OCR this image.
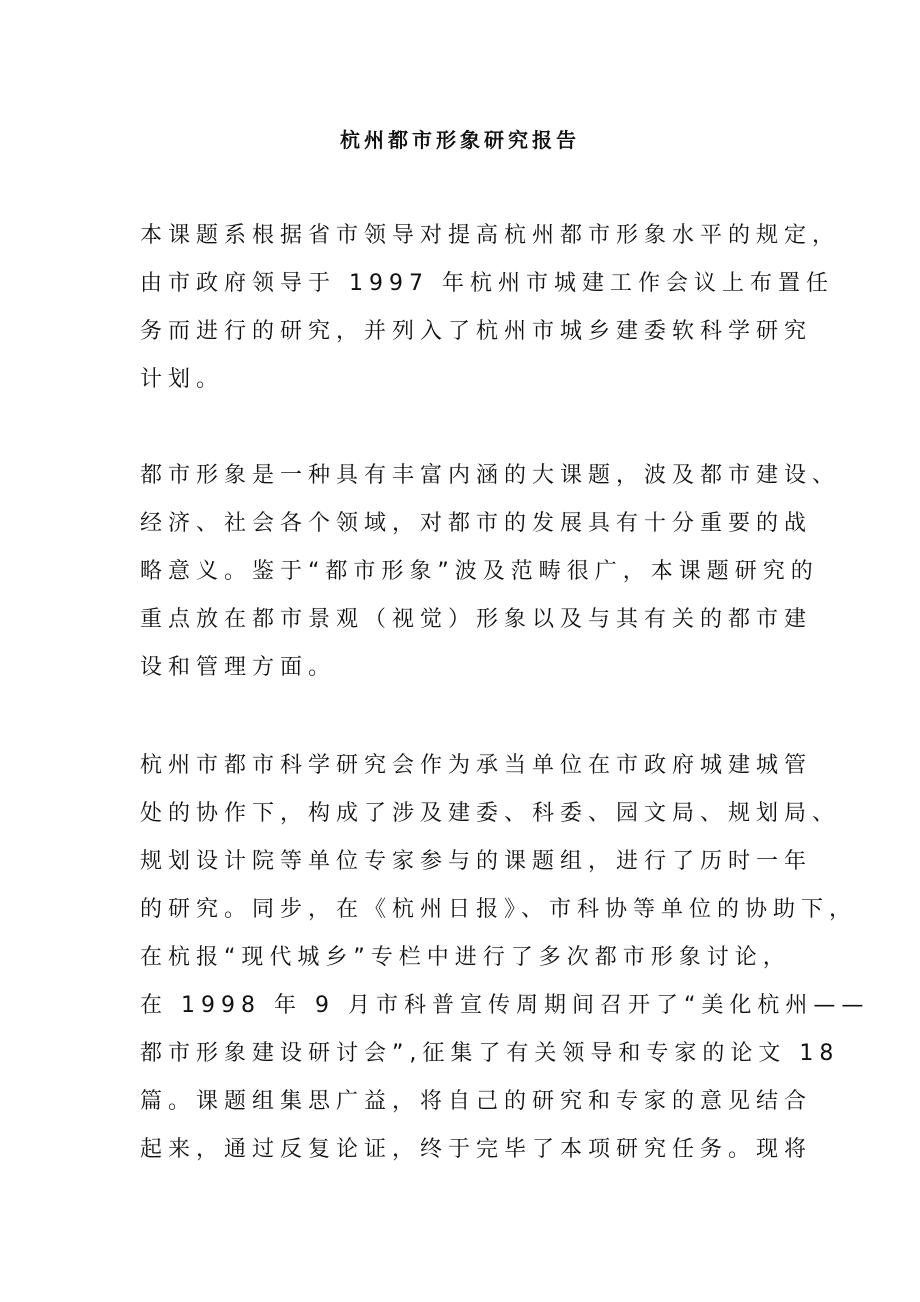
杭州都市形象研究报告
本课题系根据省市领导对提高杭州都市形象水平的规定，
由市政府领导于 1997 年杭州市城建工作会议上布置任
务而进行的研究，并列入了杭州市城乡建委软科学研究
计划。
都市形象是一种具有丰富内涵的大课题，波及都市建设、
经济、社会各个领域，对都市的发展具有十分重要的战
略意义。鉴于“都市形象”波及范畴很广，本课题研究的
重点放在都市景观（视觉）形象以及与其有关的都市建
设和管理方面。
杭州市都市科学研究会作为承当单位在市政府城建城管
处的协作下，构成了涉及建委、科委、园文局、规划局、
规划设计院等单位专家参与的课题组，进行了历时一年
的研究。同步，在《杭州日报》、市科协等单位的协助下，
在杭报“现代城乡”专栏中进行了多次都市形象讨论，
在 1998 年 9 月市科普宣传周期间召开了“美化杭州——
都市形象建设研讨会”,征集了有关领导和专家的论文 18
篇。课题组集思广益，将自己的研究和专家的意见结合
起来，通过反复论证，终于完毕了本项研究任务。现将
